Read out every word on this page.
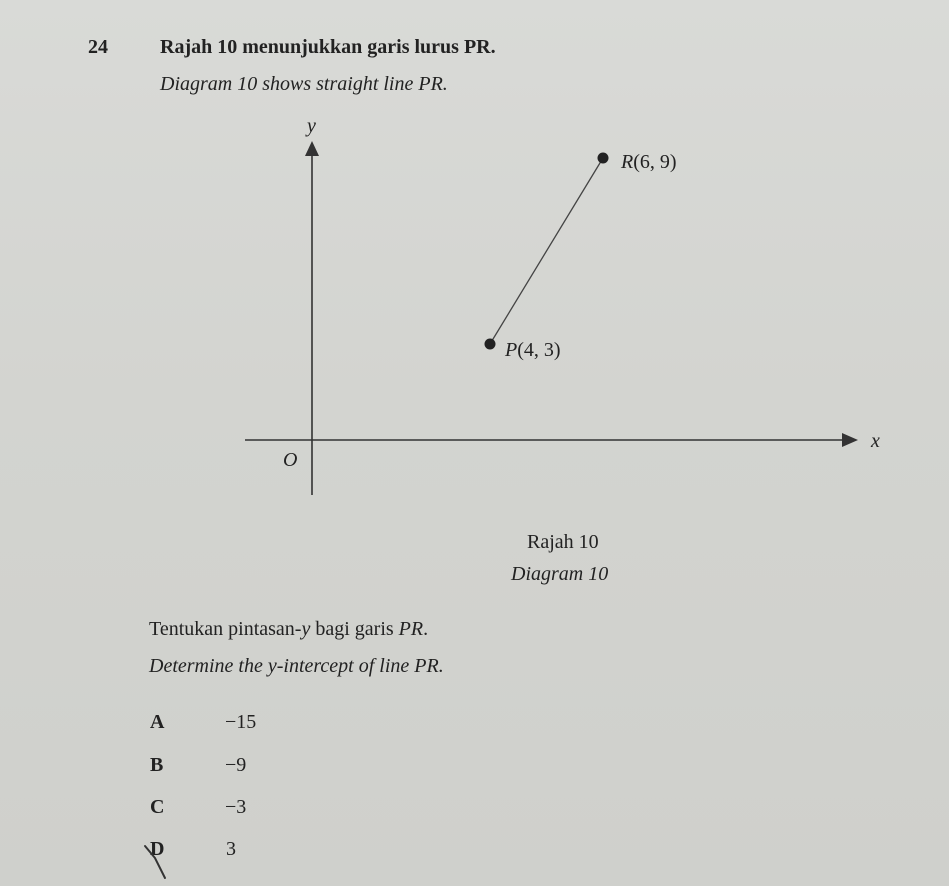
24	Rajah 10 menunjukkan garis lurus PR.
Diagram 10 shows straight line PR.
y
x
O
R(6, 9)
P(4, 3)
Rajah 10
Diagram 10
Tentukan pintasan-y bagi garis PR.
Determine the y-intercept of line PR.
A	−15
B	−9
C	−3
D	3
